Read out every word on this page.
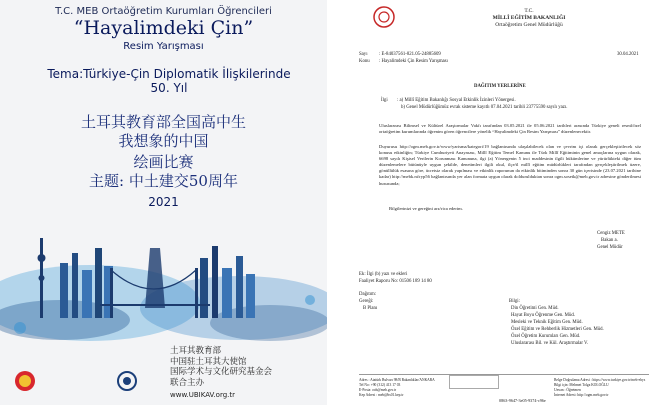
T.C. MEB Ortaöğretim Kurumları Öğrencileri
“Hayalimdeki Çin”
Resim Yarışması
Tema:Türkiye-Çin Diplomatik İlişkilerinde
50. Yıl
土耳其教育部全国高中生
我想象的中国
绘画比赛
主题: 中土建交50周年
2021
土耳其教育部
中国驻土耳其大使馆
国际学术与文化研究基金会
联合主办
www.UBIKAV.org.tr
T.C.
MİLLÎ EĞİTİM BAKANLIĞI
Ortaöğretim Genel Müdürlüğü
Sayı : E-84037561-821.05-24885609	30.04.2021
Konu : Hayalimdeki Çin Resim Yarışması
DAĞITIM YERLERİNE
İlgi : a) Millî Eğitim Bakanlığı Sosyal Etkinlik İzinleri Yönergesi.
b) Genel Müdürlüğümüz evrak sisteme kayıtlı 07.04.2021 tarihli 23775590 sayılı yazı.
Uluslararası Bilimsel ve Kültürel Araştırmalar Vakfı tarafından 03.05.2021 ile 05.06.2021 tarihleri arasında Türkiye geneli resmî/özel ortaöğretim kurumlarında öğrenim gören öğrencilere yönelik “Hayalimdeki Çin Resim Yarışması” düzenlenecektir.
Duyurusu http://ogm.meb.gov.tr/www/yarisma/kategori/19 bağlantısında ulaşılabilecek olan ve çevrim içi olarak gerçekleştirilecek söz konusu etkinliğin; Türkiye Cumhuriyeti Anayasası, Millî Eğitim Temel Kanunu ile Türk Millî Eğitiminin genel amaçlarına uygun olarak, 6698 sayılı Kişisel Verilerin Korunması Kanununa, ilgi (a) Yönergenin 5 inci maddesinin ilgili hükümlerine ve yürürlükteki diğer tüm düzenlemelere bütünüyle uygun şekilde, denetimleri ilgili okul, ilçe/il millî eğitim müdürlükleri tarafından gerçekleştirilmek üzere, gönüllülük esasına göre, ücretsiz olarak yapılması ve etkinlik raporunun da etkinlik bitiminden sonra 30 gün içerisinde (23.07.2021 tarihine kadar) http://mebk.nt/ryp56 bağlantısında yer alan formata uygun olarak doldurulduktan sonra ogm.sosetk@meb.gov.tr adresine gönderilmesi hususunda;
Bilgilerinizi ve gereğini arz/rica ederim.
Cengiz METE
Bakan a.
Genel Müdür
Ek: İlgi (b) yazı ve ekleri
Faaliyet Raporu No: 01506 189 14 80
Dağıtım:
Gereği:
B Planı
Bilgi:
Din Öğretimi Gen. Müd.
Hayat Boyu Öğrenme Gen. Müd.
Mesleki ve Teknik Eğitim Gen. Müd.
Özel Eğitim ve Rehberlik Hizmetleri Gen. Müd.
Özel Öğretim Kurumları Gen. Müd.
Uluslararası Bil. ve Kül. Araştırmalar V.
Adres : Atatürk Bulvarı 98/B Bakanlıklar/ANKARA
Tel No: +90 (312) 413 17 03
E-Posta: ooh@meb.gov.tr
Kep Adresi : meb@hs01.kep.tr
Belge Doğrulama Adresi : https://www.turkiye.gov.tr/meb-ebys
Bilgi için: Mehmet Tolga KOLOĞLU
Unvan : Öğretmen
İnternet Adresi: http://ogm.meb.gov.tr
0863-9647-3e05-9374-c96e
